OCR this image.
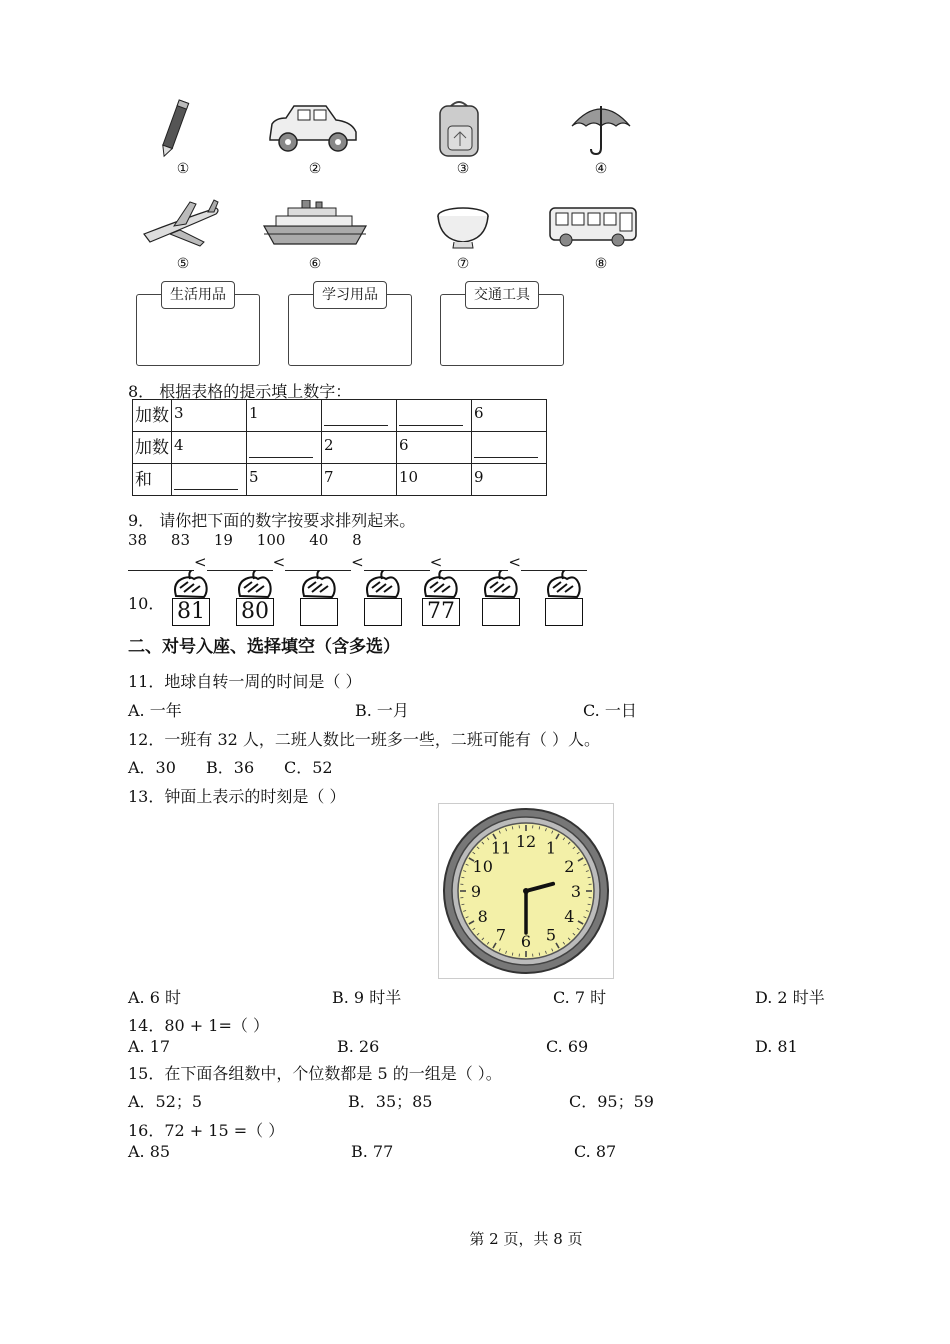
①	②	③	④
⑤	⑥	⑦	⑧
生活用品	学习用品	交通工具
8． 根据表格的提示填上数字：
加数	3	1			6
加数	4		2	6	
和		5	7	10	9
9． 请你把下面的数字按要求排列起来。
38     83     19     100     40     8
<	<	<	<	<
10． 81 80	77
二、对号入座、选择填空（含多选）
11．地球自转一周的时间是（ ）
A. 一年	B. 一月	C. 一日
12．一班有 32 人，二班人数比一班多一些，二班可能有（ ）人。
A．30 B．36 C．52
13．钟面上表示的时刻是（ ）
12 1
2
3
4
5
6
7
8
9
10
11
A. 6 时	B. 9 时半	C. 7 时	D. 2 时半
14．80 + 1=（ ）
A. 17	B. 26	C. 69	D. 81
15．在下面各组数中，个位数都是 5 的一组是（ ）。
A．52；5	B．35；85	C．95；59
16．72 + 15 =（ ）
A. 85	B. 77	C. 87
第 2 页，共 8 页
